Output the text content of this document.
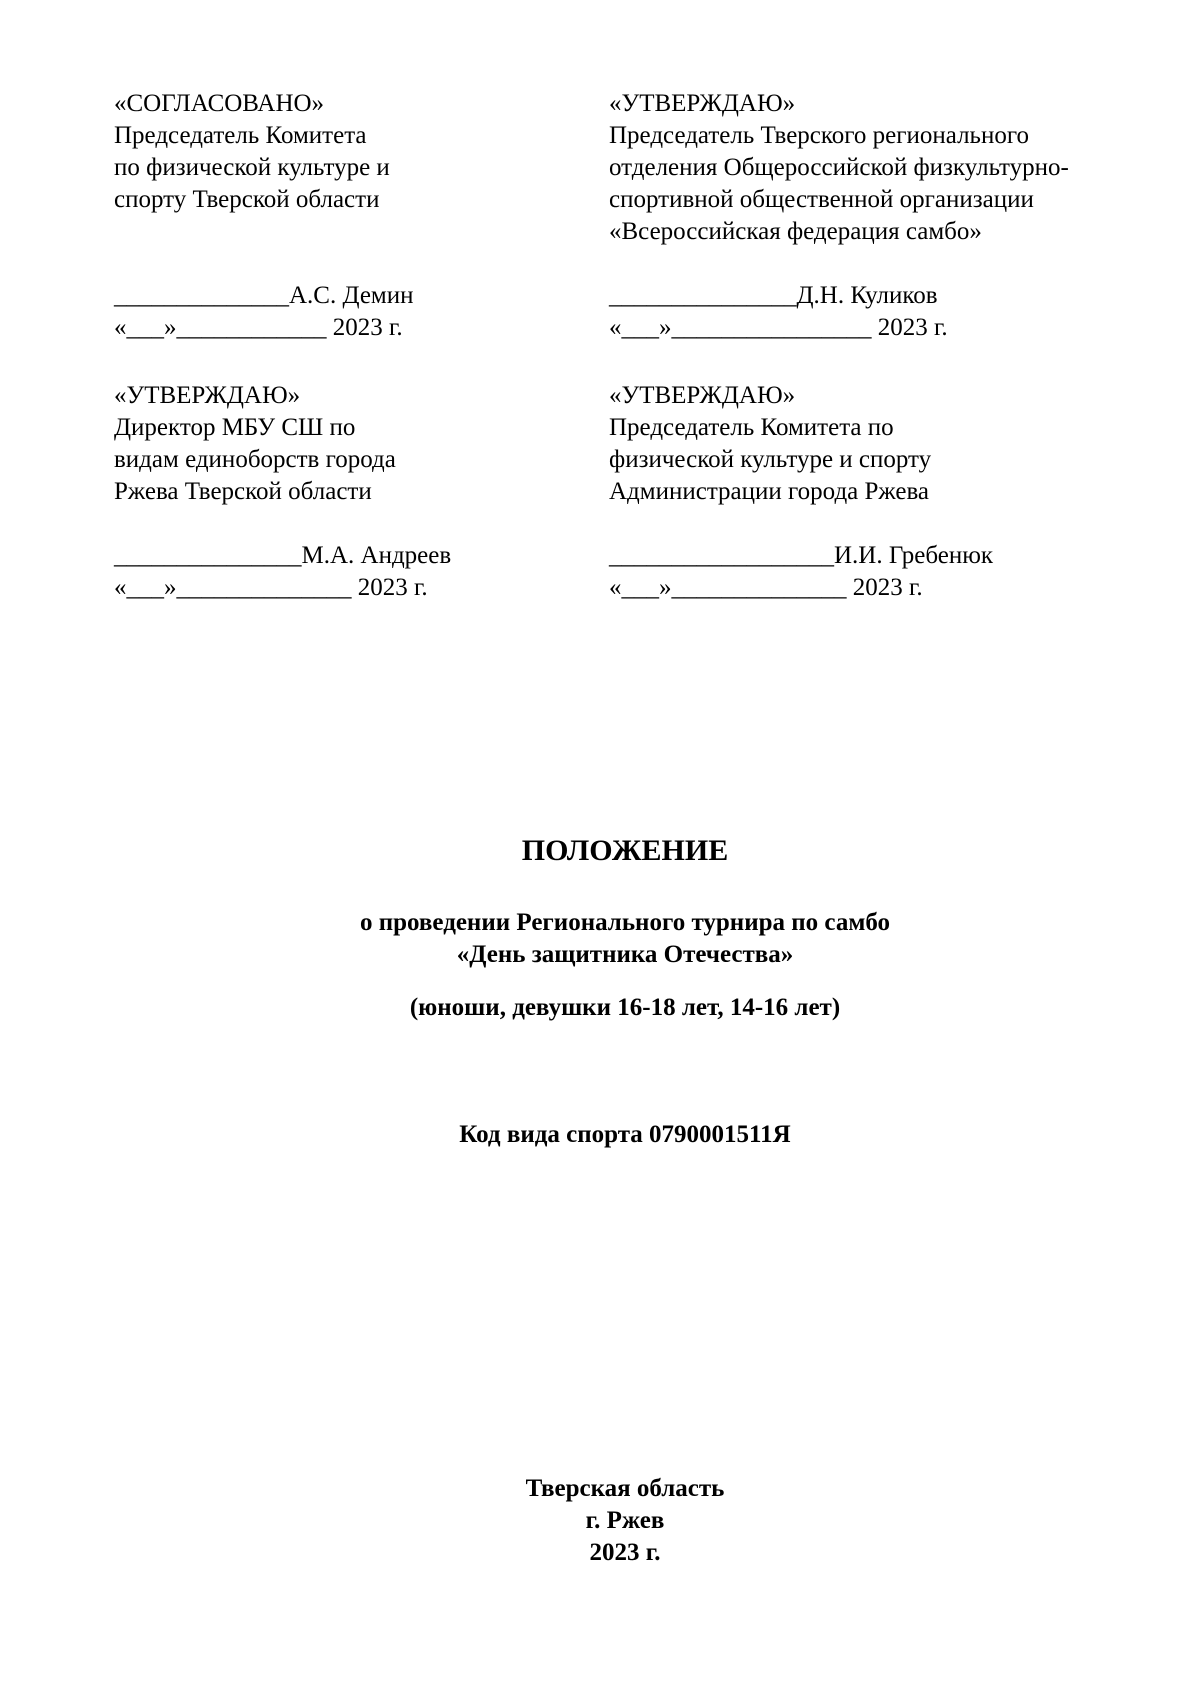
«СОГЛАСОВАНО»
Председатель Комитета
по физической культуре и
спорту Тверской области
______________А.С. Демин
«___»____________ 2023 г.
«УТВЕРЖДАЮ»
Председатель Тверского регионального
отделения Общероссийской физкультурно-
спортивной общественной организации
«Всероссийская федерация самбо»
_______________Д.Н. Куликов
«___»________________ 2023 г.
«УТВЕРЖДАЮ»
Директор МБУ СШ по
видам единоборств города
Ржева Тверской области
_______________М.А. Андреев
«___»______________ 2023 г.
«УТВЕРЖДАЮ»
Председатель Комитета по
физической культуре и спорту
Администрации города Ржева
__________________И.И. Гребенюк
«___»______________ 2023 г.
ПОЛОЖЕНИЕ
о проведении Регионального турнира по самбо
«День защитника Отечества»
(юноши, девушки 16-18 лет, 14-16 лет)
Код вида спорта 0790001511Я
Тверская область
г. Ржев
2023 г.
